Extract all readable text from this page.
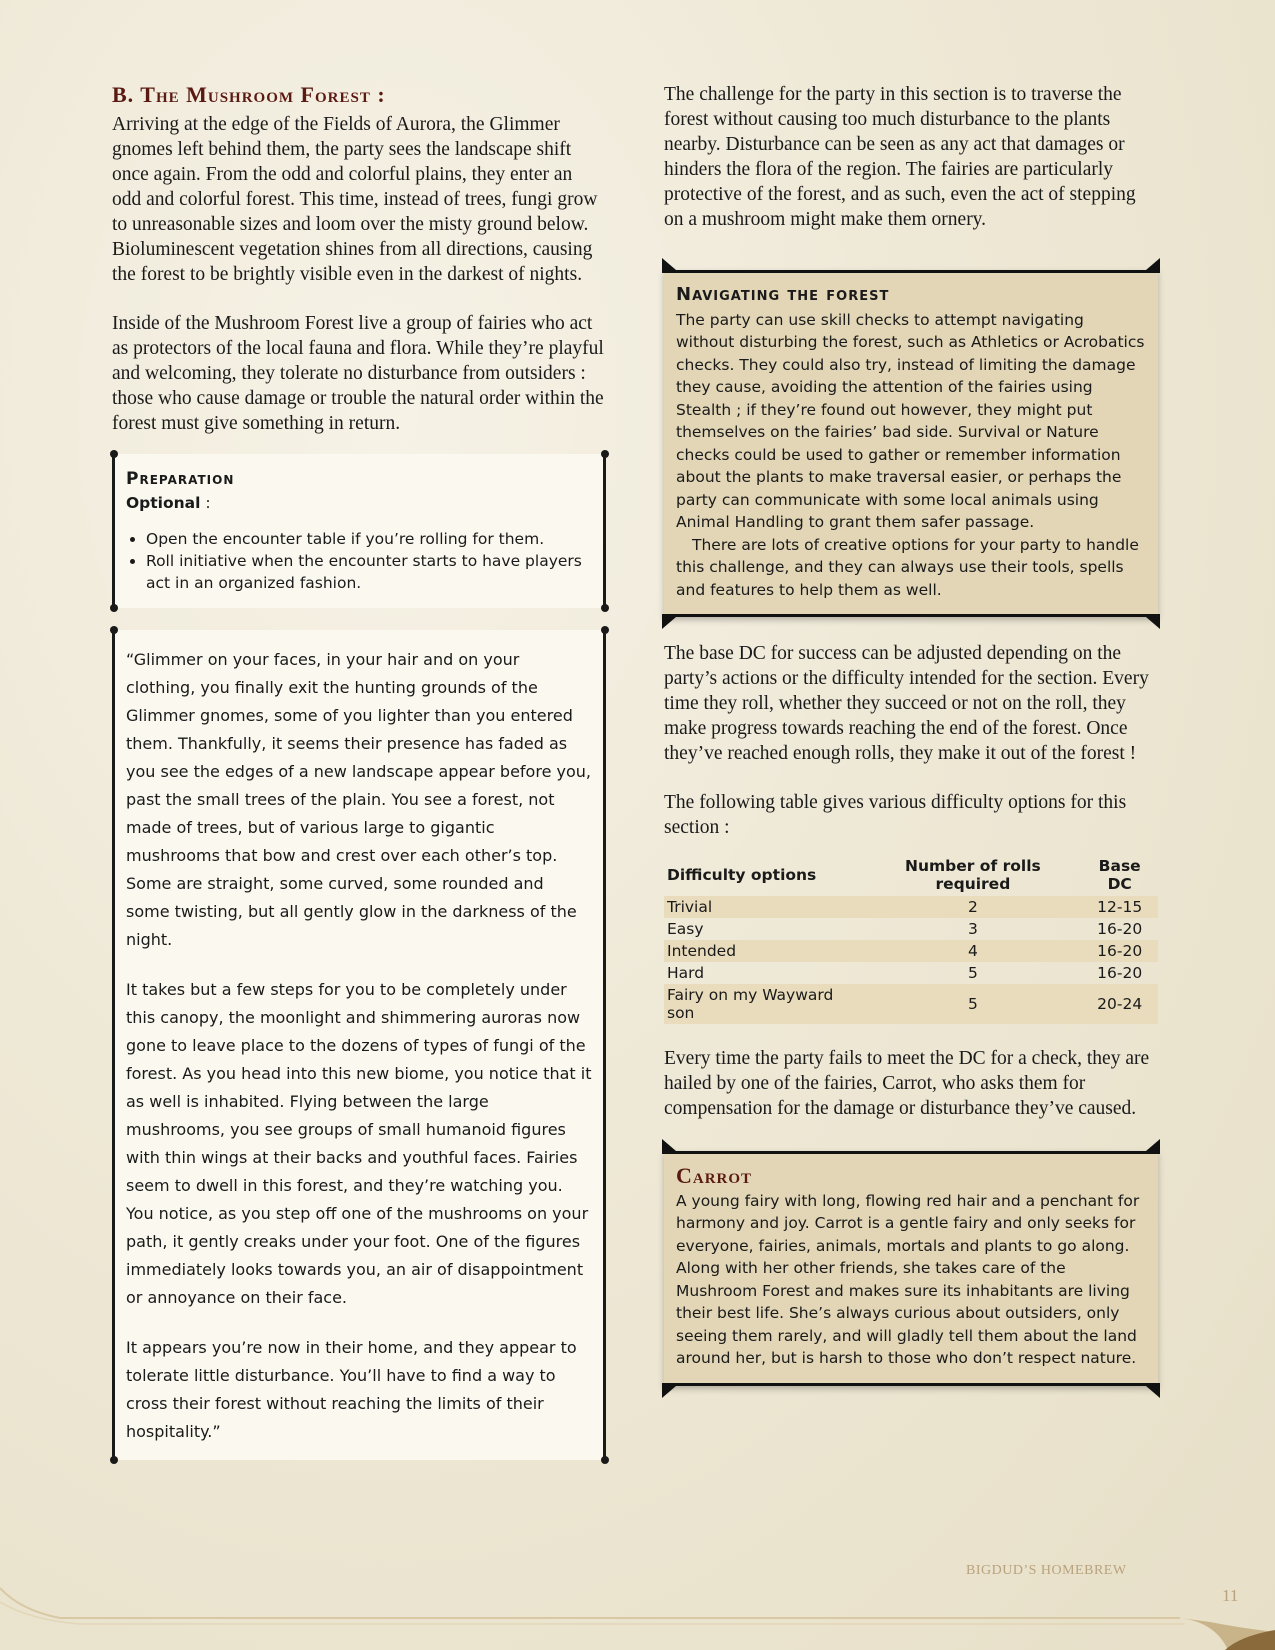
B. The Mushroom Forest :

Arriving at the edge of the Fields of Aurora, the Glimmer gnomes left behind them, the party sees the landscape shift once again. From the odd and colorful plains, they enter an odd and colorful forest. This time, instead of trees, fungi grow to unreasonable sizes and loom over the misty ground below. Bioluminescent vegetation shines from all directions, causing the forest to be brightly visible even in the darkest of nights.

Inside of the Mushroom Forest live a group of fairies who act as protectors of the local fauna and flora. While they’re playful and welcoming, they tolerate no disturbance from outsiders : those who cause damage or trouble the natural order within the forest must give something in return.

Preparation
Optional :
• Open the encounter table if you’re rolling for them.
• Roll initiative when the encounter starts to have players act in an organized fashion.

“Glimmer on your faces, in your hair and on your clothing, you finally exit the hunting grounds of the Glimmer gnomes, some of you lighter than you entered them. Thankfully, it seems their presence has faded as you see the edges of a new landscape appear before you, past the small trees of the plain. You see a forest, not made of trees, but of various large to gigantic mushrooms that bow and crest over each other’s top. Some are straight, some curved, some rounded and some twisting, but all gently glow in the darkness of the night.

It takes but a few steps for you to be completely under this canopy, the moonlight and shimmering auroras now gone to leave place to the dozens of types of fungi of the forest. As you head into this new biome, you notice that it as well is inhabited. Flying between the large mushrooms, you see groups of small humanoid figures with thin wings at their backs and youthful faces. Fairies seem to dwell in this forest, and they’re watching you. You notice, as you step off one of the mushrooms on your path, it gently creaks under your foot. One of the figures immediately looks towards you, an air of disappointment or annoyance on their face.

It appears you’re now in their home, and they appear to tolerate little disturbance. You’ll have to find a way to cross their forest without reaching the limits of their hospitality.”

The challenge for the party in this section is to traverse the forest without causing too much disturbance to the plants nearby. Disturbance can be seen as any act that damages or hinders the flora of the region. The fairies are particularly protective of the forest, and as such, even the act of stepping on a mushroom might make them ornery.

Navigating the forest

The party can use skill checks to attempt navigating without disturbing the forest, such as Athletics or Acrobatics checks. They could also try, instead of limiting the damage they cause, avoiding the attention of the fairies using Stealth ; if they’re found out however, they might put themselves on the fairies’ bad side. Survival or Nature checks could be used to gather or remember information about the plants to make traversal easier, or perhaps the party can communicate with some local animals using Animal Handling to grant them safer passage.

There are lots of creative options for your party to handle this challenge, and they can always use their tools, spells and features to help them as well.

The base DC for success can be adjusted depending on the party’s actions or the difficulty intended for the section. Every time they roll, whether they succeed or not on the roll, they make progress towards reaching the end of the forest. Once they’ve reached enough rolls, they make it out of the forest !

The following table gives various difficulty options for this section :

Difficulty options	Number of rolls required	Base DC
Trivial	2	12-15
Easy	3	16-20
Intended	4	16-20
Hard	5	16-20
Fairy on my Wayward son	5	20-24

Every time the party fails to meet the DC for a check, they are hailed by one of the fairies, Carrot, who asks them for compensation for the damage or disturbance they’ve caused.

Carrot

A young fairy with long, flowing red hair and a penchant for harmony and joy. Carrot is a gentle fairy and only seeks for everyone, fairies, animals, mortals and plants to go along. Along with her other friends, she takes care of the Mushroom Forest and makes sure its inhabitants are living their best life. She’s always curious about outsiders, only seeing them rarely, and will gladly tell them about the land around her, but is harsh to those who don’t respect nature.

BIGDUD’S HOMEBREW
11
